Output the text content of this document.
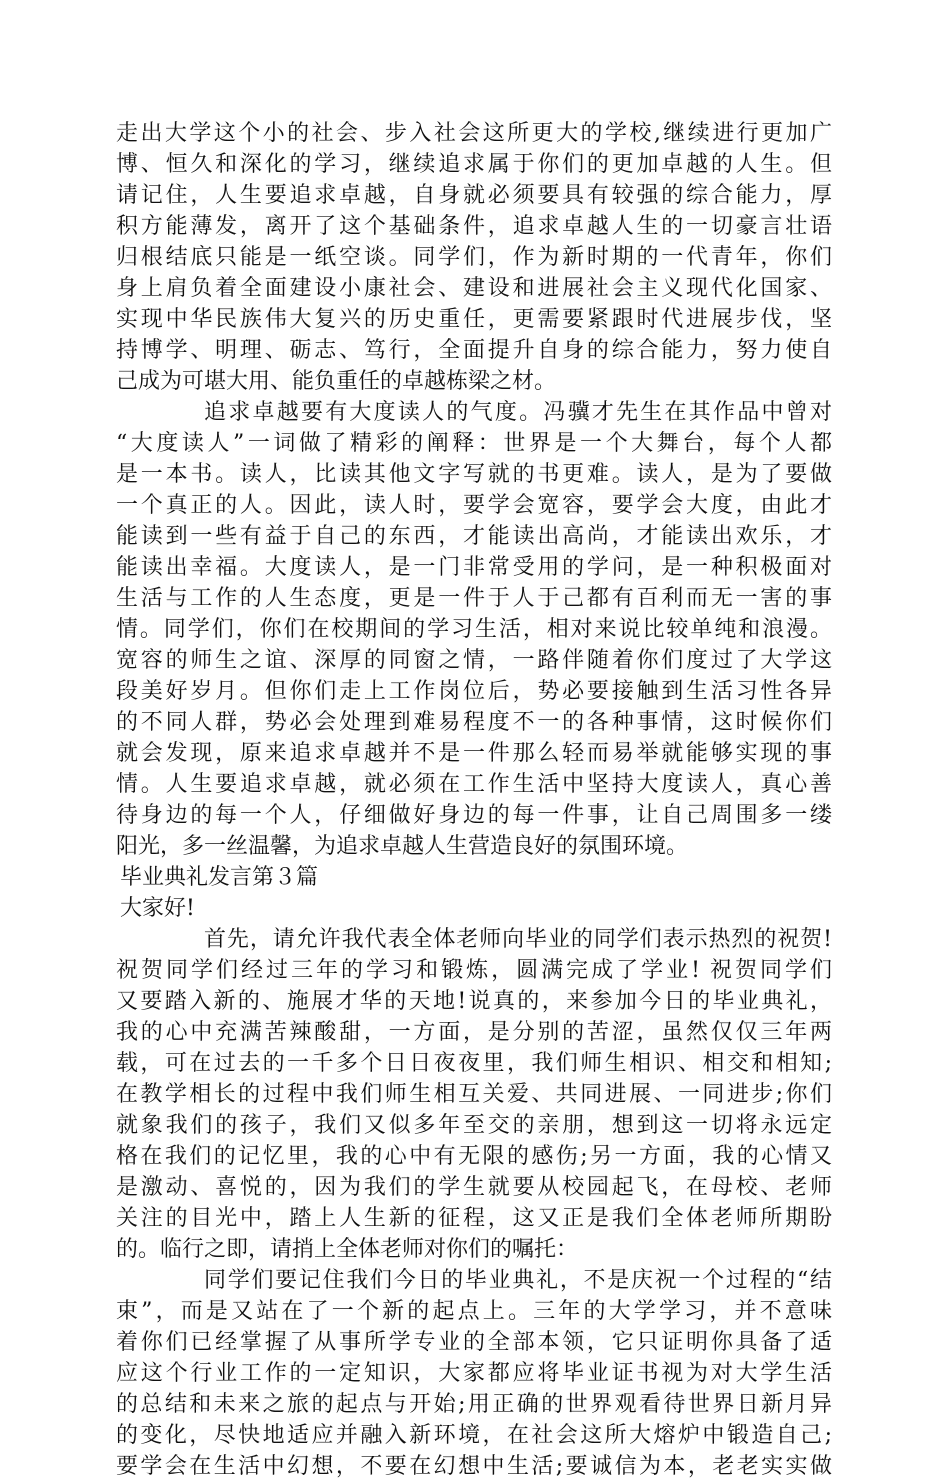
走出大学这个小的社会、步入社会这所更大的学校,继续进行更加广
博、恒久和深化的学习，继续追求属于你们的更加卓越的人生。但
请记住，人生要追求卓越，自身就必须要具有较强的综合能力，厚
积方能薄发，离开了这个基础条件，追求卓越人生的一切豪言壮语
归根结底只能是一纸空谈。同学们，作为新时期的一代青年，你们
身上肩负着全面建设小康社会、建设和进展社会主义现代化国家、
实现中华民族伟大复兴的历史重任，更需要紧跟时代进展步伐，坚
持博学、明理、砺志、笃行，全面提升自身的综合能力，努力使自
己成为可堪大用、能负重任的卓越栋梁之材。
追求卓越要有大度读人的气度。冯骥才先生在其作品中曾对
“大度读人”一词做了精彩的阐释：世界是一个大舞台，每个人都
是一本书。读人，比读其他文字写就的书更难。读人，是为了要做
一个真正的人。因此，读人时，要学会宽容，要学会大度，由此才
能读到一些有益于自己的东西，才能读出高尚，才能读出欢乐，才
能读出幸福。大度读人，是一门非常受用的学问，是一种积极面对
生活与工作的人生态度，更是一件于人于己都有百利而无一害的事
情。同学们，你们在校期间的学习生活，相对来说比较单纯和浪漫。
宽容的师生之谊、深厚的同窗之情，一路伴随着你们度过了大学这
段美好岁月。但你们走上工作岗位后，势必要接触到生活习性各异
的不同人群，势必会处理到难易程度不一的各种事情，这时候你们
就会发现，原来追求卓越并不是一件那么轻而易举就能够实现的事
情。人生要追求卓越，就必须在工作生活中坚持大度读人，真心善
待身边的每一个人，仔细做好身边的每一件事，让自己周围多一缕
阳光，多一丝温馨，为追求卓越人生营造良好的氛围环境。
毕业典礼发言第３篇
大家好!
首先，请允许我代表全体老师向毕业的同学们表示热烈的祝贺!
祝贺同学们经过三年的学习和锻炼，圆满完成了学业! 祝贺同学们
又要踏入新的、施展才华的天地!说真的，来参加今日的毕业典礼，
我的心中充满苦辣酸甜，一方面，是分别的苦涩，虽然仅仅三年两
载，可在过去的一千多个日日夜夜里，我们师生相识、相交和相知;
在教学相长的过程中我们师生相互关爱、共同进展、一同进步;你们
就象我们的孩子，我们又似多年至交的亲朋，想到这一切将永远定
格在我们的记忆里，我的心中有无限的感伤;另一方面，我的心情又
是激动、喜悦的，因为我们的学生就要从校园起飞，在母校、老师
关注的目光中，踏上人生新的征程，这又正是我们全体老师所期盼
的。临行之即，请捎上全体老师对你们的嘱托：
同学们要记住我们今日的毕业典礼，不是庆祝一个过程的“结
束”，而是又站在了一个新的起点上。三年的大学学习，并不意味
着你们已经掌握了从事所学专业的全部本领，它只证明你具备了适
应这个行业工作的一定知识，大家都应将毕业证书视为对大学生活
的总结和未来之旅的起点与开始;用正确的世界观看待世界日新月异
的变化，尽快地适应并融入新环境，在社会这所大熔炉中锻造自己;
要学会在生活中幻想，不要在幻想中生活;要诚信为本，老老实实做
